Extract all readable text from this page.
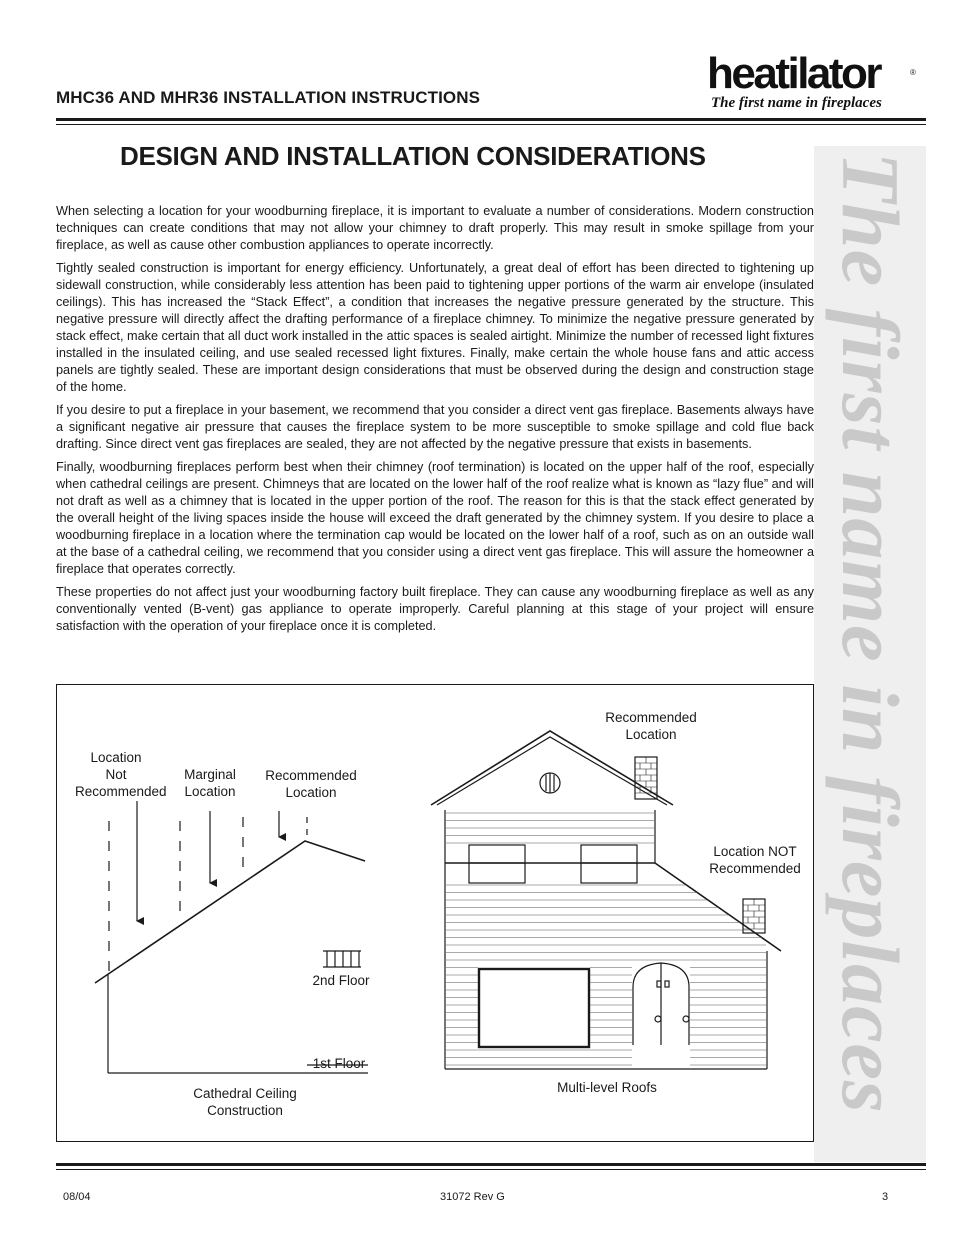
MHC36 AND MHR36 INSTALLATION INSTRUCTIONS	heatilator	®
The first name in fireplaces
The first name in fireplaces
DESIGN AND INSTALLATION CONSIDERATIONS

When selecting a location for your woodburning fireplace, it is important to evaluate a number of considerations. Modern construction techniques can create conditions that may not allow your chimney to draft properly. This may result in smoke spillage from your fireplace, as well as cause other combustion appliances to operate incorrectly.

Tightly sealed construction is important for energy efficiency. Unfortunately, a great deal of effort has been directed to tightening up sidewall construction, while considerably less attention has been paid to tightening upper portions of the warm air envelope (insulated ceilings). This has increased the “Stack Effect”, a condition that increases the negative pressure generated by the structure. This negative pressure will directly affect the drafting performance of a fireplace chimney. To minimize the negative pressure generated by stack effect, make certain that all duct work installed in the attic spaces is sealed airtight. Minimize the number of recessed light fixtures installed in the insulated ceiling, and use sealed recessed light fixtures. Finally, make certain the whole house fans and attic access panels are tightly sealed. These are important design considerations that must be observed during the design and construction stage of the home.

If you desire to put a fireplace in your basement, we recommend that you consider a direct vent gas fireplace. Basements always have a significant negative air pressure that causes the fireplace system to be more susceptible to smoke spillage and cold flue back drafting. Since direct vent gas fireplaces are sealed, they are not affected by the negative pressure that exists in basements.

Finally, woodburning fireplaces perform best when their chimney (roof termination) is located on the upper half of the roof, especially when cathedral ceilings are present. Chimneys that are located on the lower half of the roof realize what is known as “lazy flue” and will not draft as well as a chimney that is located in the upper portion of the roof. The reason for this is that the stack effect generated by the overall height of the living spaces inside the house will exceed the draft generated by the chimney system. If you desire to place a woodburning fireplace in a location where the termination cap would be located on the lower half of a roof, such as on an outside wall at the base of a cathedral ceiling, we recommend that you consider using a direct vent gas fireplace. This will assure the homeowner a fireplace that operates correctly.

These properties do not affect just your woodburning factory built fireplace. They can cause any woodburning fireplace as well as any conventionally vented (B-vent) gas appliance to operate improperly. Careful planning at this stage of your project will ensure satisfaction with the operation of your fireplace once it is completed.

Location
Not
Recommended
Marginal
Location
Recommended
Location
2nd Floor
1st Floor
Cathedral Ceiling
Construction
Recommended
Location
Location NOT
Recommended
Multi-level Roofs
08/04	31072 Rev G	3
